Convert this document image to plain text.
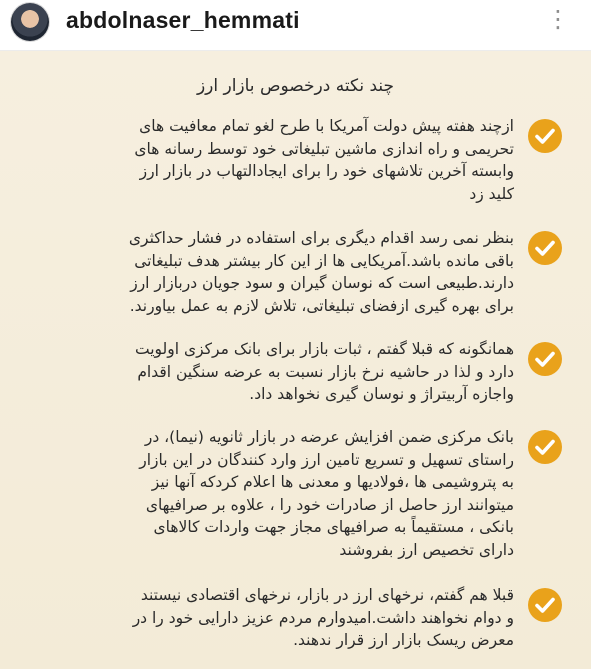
abdolnaser_hemmati	⋮
چند نکته درخصوص بازار ارز
ازچند هفته پیش دولت آمریکا با طرح لغو تمام معافیت های
تحریمی و راه اندازی ماشین تبلیغاتی خود توسط رسانه های
وابسته آخرین تلاشهای خود را برای ایجادالتهاب در بازار ارز
کلید زد
بنظر نمی رسد اقدام دیگری برای استفاده در فشار حداکثری
باقی مانده باشد.آمریکایی ها از این کار بیشتر هدف تبلیغاتی
دارند.طبیعی است که نوسان گیران و سود جویان دربازار ارز
برای بهره گیری ازفضای تبلیغاتی، تلاش لازم به عمل بیاورند.
همانگونه که قبلا گفتم ، ثبات بازار برای بانک مرکزی اولویت
دارد و لذا در حاشیه نرخ بازار نسبت به عرضه سنگین اقدام
واجازه آربیتراژ و نوسان گیری نخواهد داد.
بانک مرکزی ضمن افزایش عرضه در بازار ثانویه (نیما)، در
راستای تسهیل و تسریع تامین ارز وارد کنندگان در این بازار
به پتروشیمی ها ،فولادیها و معدنی ها اعلام کردکه آنها نیز
میتوانند ارز حاصل از صادرات خود را ، علاوه بر صرافیهای
بانکی ، مستقیماً به صرافیهای مجاز جهت واردات کالاهای
دارای تخصیص ارز بفروشند
قبلا هم گفتم، نرخهای ارز در بازار، نرخهای اقتصادی نیستند
و دوام نخواهند داشت.امیدوارم مردم عزیز دارایی خود را در
معرض ریسک بازار ارز قرار ندهند.
